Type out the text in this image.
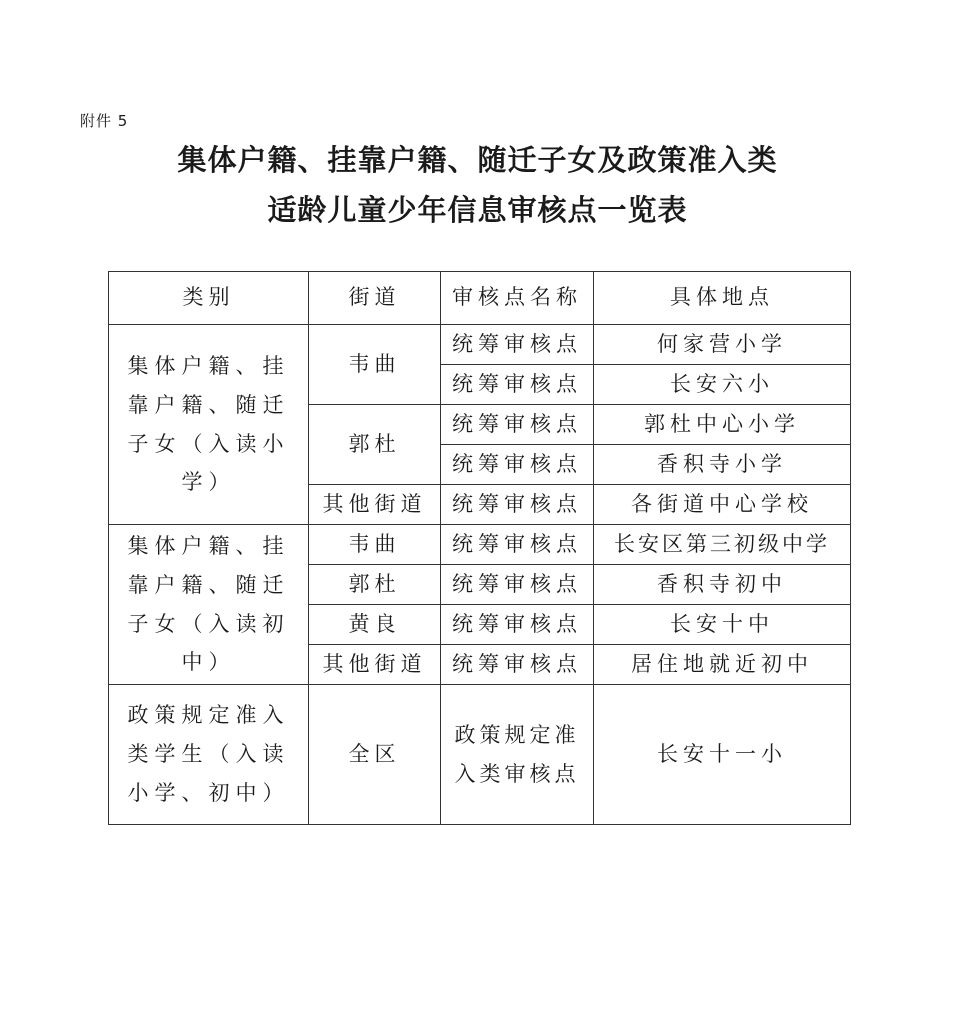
附件 5
集体户籍、挂靠户籍、随迁子女及政策准入类
适龄儿童少年信息审核点一览表
类别	街道	审核点名称	具体地点
集体户籍、挂靠户籍、随迁子女（入读小学）	韦曲	统筹审核点	何家营小学
		统筹审核点	长安六小
	郭杜	统筹审核点	郭杜中心小学
		统筹审核点	香积寺小学
	其他街道	统筹审核点	各街道中心学校
集体户籍、挂靠户籍、随迁子女（入读初中）	韦曲	统筹审核点	长安区第三初级中学
	郭杜	统筹审核点	香积寺初中
	黄良	统筹审核点	长安十中
	其他街道	统筹审核点	居住地就近初中
政策规定准入类学生（入读小学、初中）	全区	政策规定准入类审核点	长安十一小
